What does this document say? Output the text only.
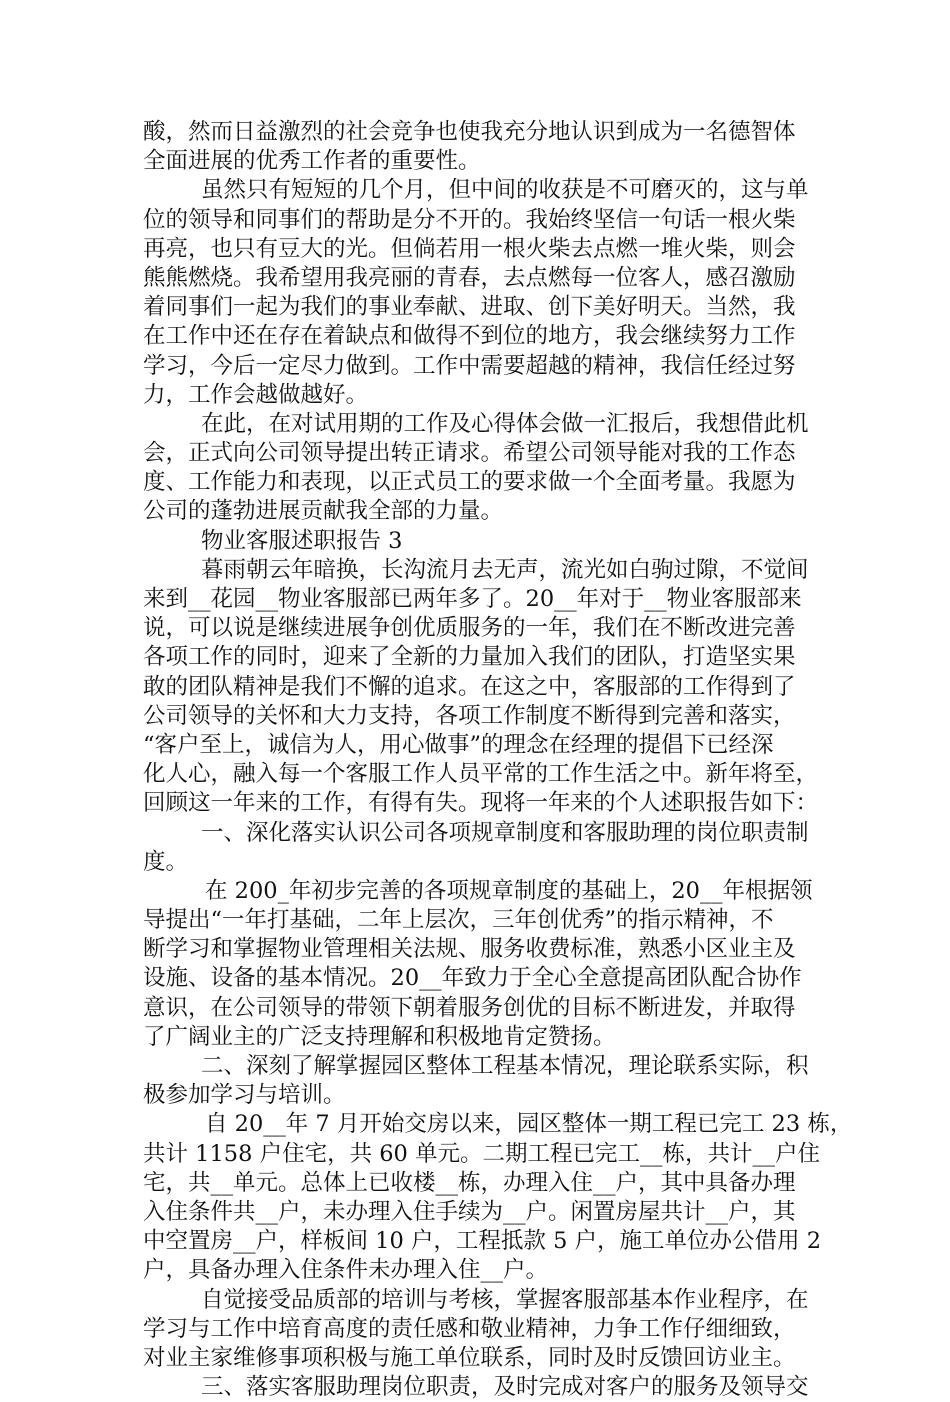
酸，然而日益激烈的社会竞争也使我充分地认识到成为一名德智体
全面进展的优秀工作者的重要性。
虽然只有短短的几个月，但中间的收获是不可磨灭的，这与单
位的领导和同事们的帮助是分不开的。我始终坚信一句话一根火柴
再亮，也只有豆大的光。但倘若用一根火柴去点燃一堆火柴，则会
熊熊燃烧。我希望用我亮丽的青春，去点燃每一位客人，感召激励
着同事们一起为我们的事业奉献、进取、创下美好明天。当然，我
在工作中还在存在着缺点和做得不到位的地方，我会继续努力工作
学习，今后一定尽力做到。工作中需要超越的精神，我信任经过努
力，工作会越做越好。
在此，在对试用期的工作及心得体会做一汇报后，我想借此机
会，正式向公司领导提出转正请求。希望公司领导能对我的工作态
度、工作能力和表现，以正式员工的要求做一个全面考量。我愿为
公司的蓬勃进展贡献我全部的力量。
物业客服述职报告 3
暮雨朝云年暗换，长沟流月去无声，流光如白驹过隙，不觉间
来到__花园__物业客服部已两年多了。20__年对于__物业客服部来
说，可以说是继续进展争创优质服务的一年，我们在不断改进完善
各项工作的同时，迎来了全新的力量加入我们的团队，打造坚实果
敢的团队精神是我们不懈的追求。在这之中，客服部的工作得到了
公司领导的关怀和大力支持，各项工作制度不断得到完善和落实，
“客户至上，诚信为人，用心做事”的理念在经理的提倡下已经深
化人心，融入每一个客服工作人员平常的工作生活之中。新年将至，
回顾这一年来的工作，有得有失。现将一年来的个人述职报告如下：
一、深化落实认识公司各项规章制度和客服助理的岗位职责制
度。
在 200_年初步完善的各项规章制度的基础上，20__年根据领
导提出“一年打基础，二年上层次，三年创优秀”的指示精神，不
断学习和掌握物业管理相关法规、服务收费标准，熟悉小区业主及
设施、设备的基本情况。20__年致力于全心全意提高团队配合协作
意识，在公司领导的带领下朝着服务创优的目标不断进发，并取得
了广阔业主的广泛支持理解和积极地肯定赞扬。
二、深刻了解掌握园区整体工程基本情况，理论联系实际，积
极参加学习与培训。
自 20__年 7 月开始交房以来，园区整体一期工程已完工 23 栋，
共计 1158 户住宅，共 60 单元。二期工程已完工__栋，共计__户住
宅，共__单元。总体上已收楼__栋，办理入住__户，其中具备办理
入住条件共__户，未办理入住手续为__户。闲置房屋共计__户，其
中空置房__户，样板间 10 户，工程抵款 5 户，施工单位办公借用 2
户，具备办理入住条件未办理入住__户。
自觉接受品质部的培训与考核，掌握客服部基本作业程序，在
学习与工作中培育高度的责任感和敬业精神，力争工作仔细细致，
对业主家维修事项积极与施工单位联系，同时及时反馈回访业主。
三、落实客服助理岗位职责，及时完成对客户的服务及领导交
